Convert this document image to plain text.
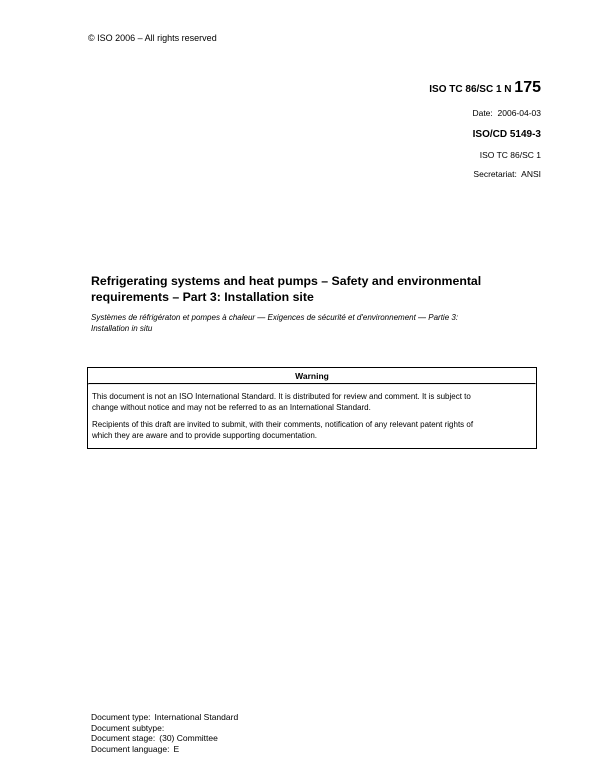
© ISO 2006 – All rights reserved
ISO TC 86/SC 1 N 175
Date: 2006-04-03
ISO/CD 5149-3
ISO TC 86/SC 1
Secretariat: ANSI
Refrigerating systems and heat pumps – Safety and environmental
requirements – Part 3: Installation site
Systèmes de réfrigératon et pompes à chaleur — Exigences de sécurité et d'environnement — Partie 3:
Installation in situ
Warning
This document is not an ISO International Standard. It is distributed for review and comment. It is subject to
change without notice and may not be referred to as an International Standard.
Recipients of this draft are invited to submit, with their comments, notification of any relevant patent rights of
which they are aware and to provide supporting documentation.
Document type: International Standard
Document subtype:
Document stage: (30) Committee
Document language: E
